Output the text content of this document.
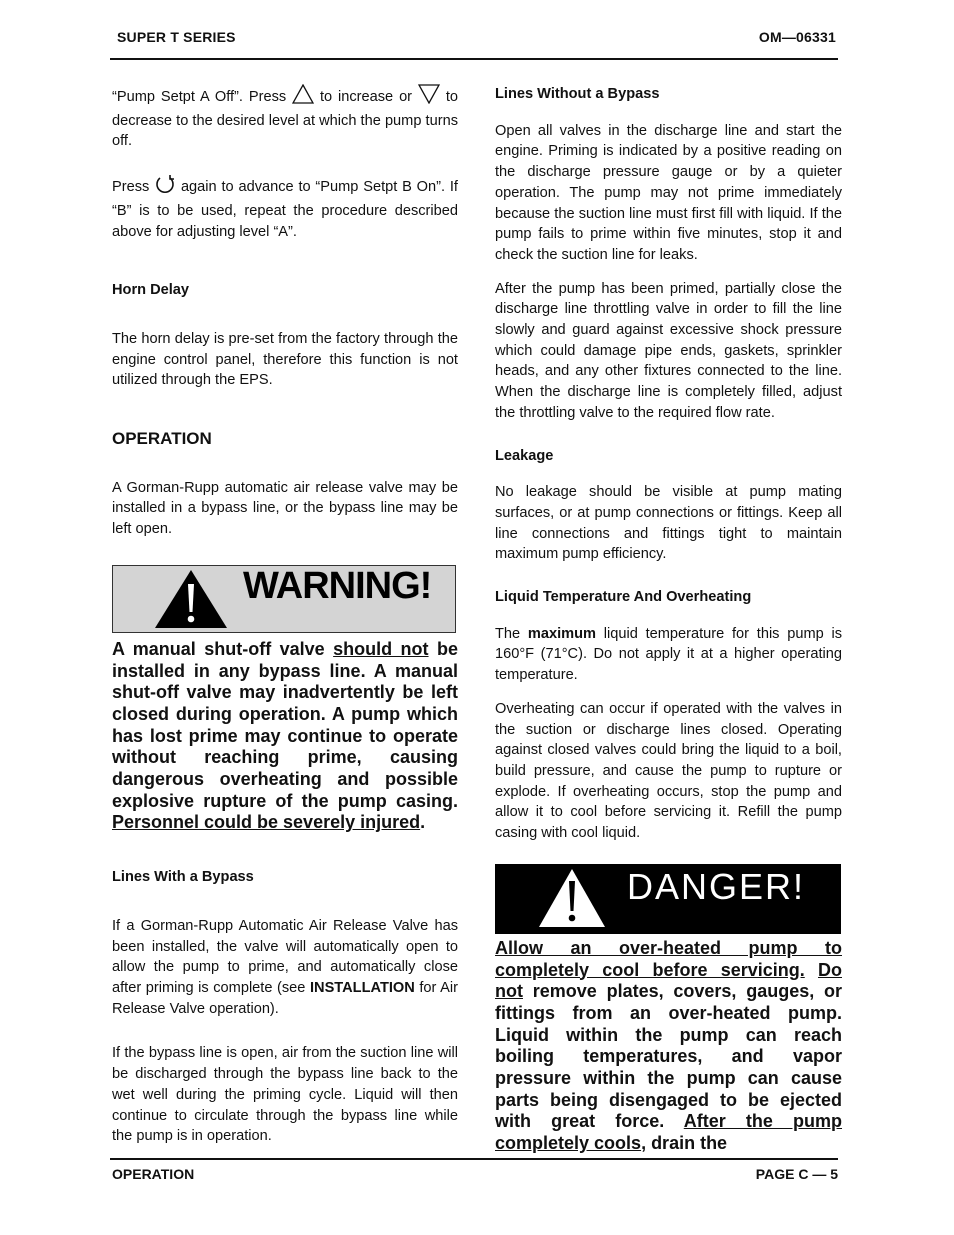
SUPER T SERIES	OM—06331

“Pump Setpt A Off”. Press  to increase or  to decrease to the desired level at which the pump turns off.

Press  again to advance to “Pump Setpt B On”. If “B” is to be used, repeat the procedure described above for adjusting level “A”.

Horn Delay

The horn delay is pre-set from the factory through the engine control panel, therefore this function is not utilized through the EPS.

OPERATION

A Gorman-Rupp automatic air release valve may be installed in a bypass line, or the bypass line may be left open.

WARNING!

A manual shut-off valve should not be installed in any bypass line. A manual shut-off valve may inadvertently be left closed during operation. A pump which has lost prime may continue to operate without reaching prime, causing dangerous overheating and possible explosive rupture of the pump casing. Personnel could be severely injured.

Lines With a Bypass

If a Gorman-Rupp Automatic Air Release Valve has been installed, the valve will automatically open to allow the pump to prime, and automatically close after priming is complete (see INSTALLATION for Air Release Valve operation).

If the bypass line is open, air from the suction line will be discharged through the bypass line back to the wet well during the priming cycle. Liquid will then continue to circulate through the bypass line while the pump is in operation.

Lines Without a Bypass

Open all valves in the discharge line and start the engine. Priming is indicated by a positive reading on the discharge pressure gauge or by a quieter operation. The pump may not prime immediately because the suction line must first fill with liquid. If the pump fails to prime within five minutes, stop it and check the suction line for leaks.

After the pump has been primed, partially close the discharge line throttling valve in order to fill the line slowly and guard against excessive shock pressure which could damage pipe ends, gaskets, sprinkler heads, and any other fixtures connected to the line. When the discharge line is completely filled, adjust the throttling valve to the required flow rate.

Leakage

No leakage should be visible at pump mating surfaces, or at pump connections or fittings. Keep all line connections and fittings tight to maintain maximum pump efficiency.

Liquid Temperature And Overheating

The maximum liquid temperature for this pump is 160°F (71°C). Do not apply it at a higher operating temperature.

Overheating can occur if operated with the valves in the suction or discharge lines closed. Operating against closed valves could bring the liquid to a boil, build pressure, and cause the pump to rupture or explode. If overheating occurs, stop the pump and allow it to cool before servicing it. Refill the pump casing with cool liquid.

DANGER!

Allow an over-heated pump to completely cool before servicing. Do not remove plates, covers, gauges, or fittings from an over-heated pump. Liquid within the pump can reach boiling temperatures, and vapor pressure within the pump can cause parts being disengaged to be ejected with great force. After the pump completely cools, drain the

OPERATION	PAGE C — 5
